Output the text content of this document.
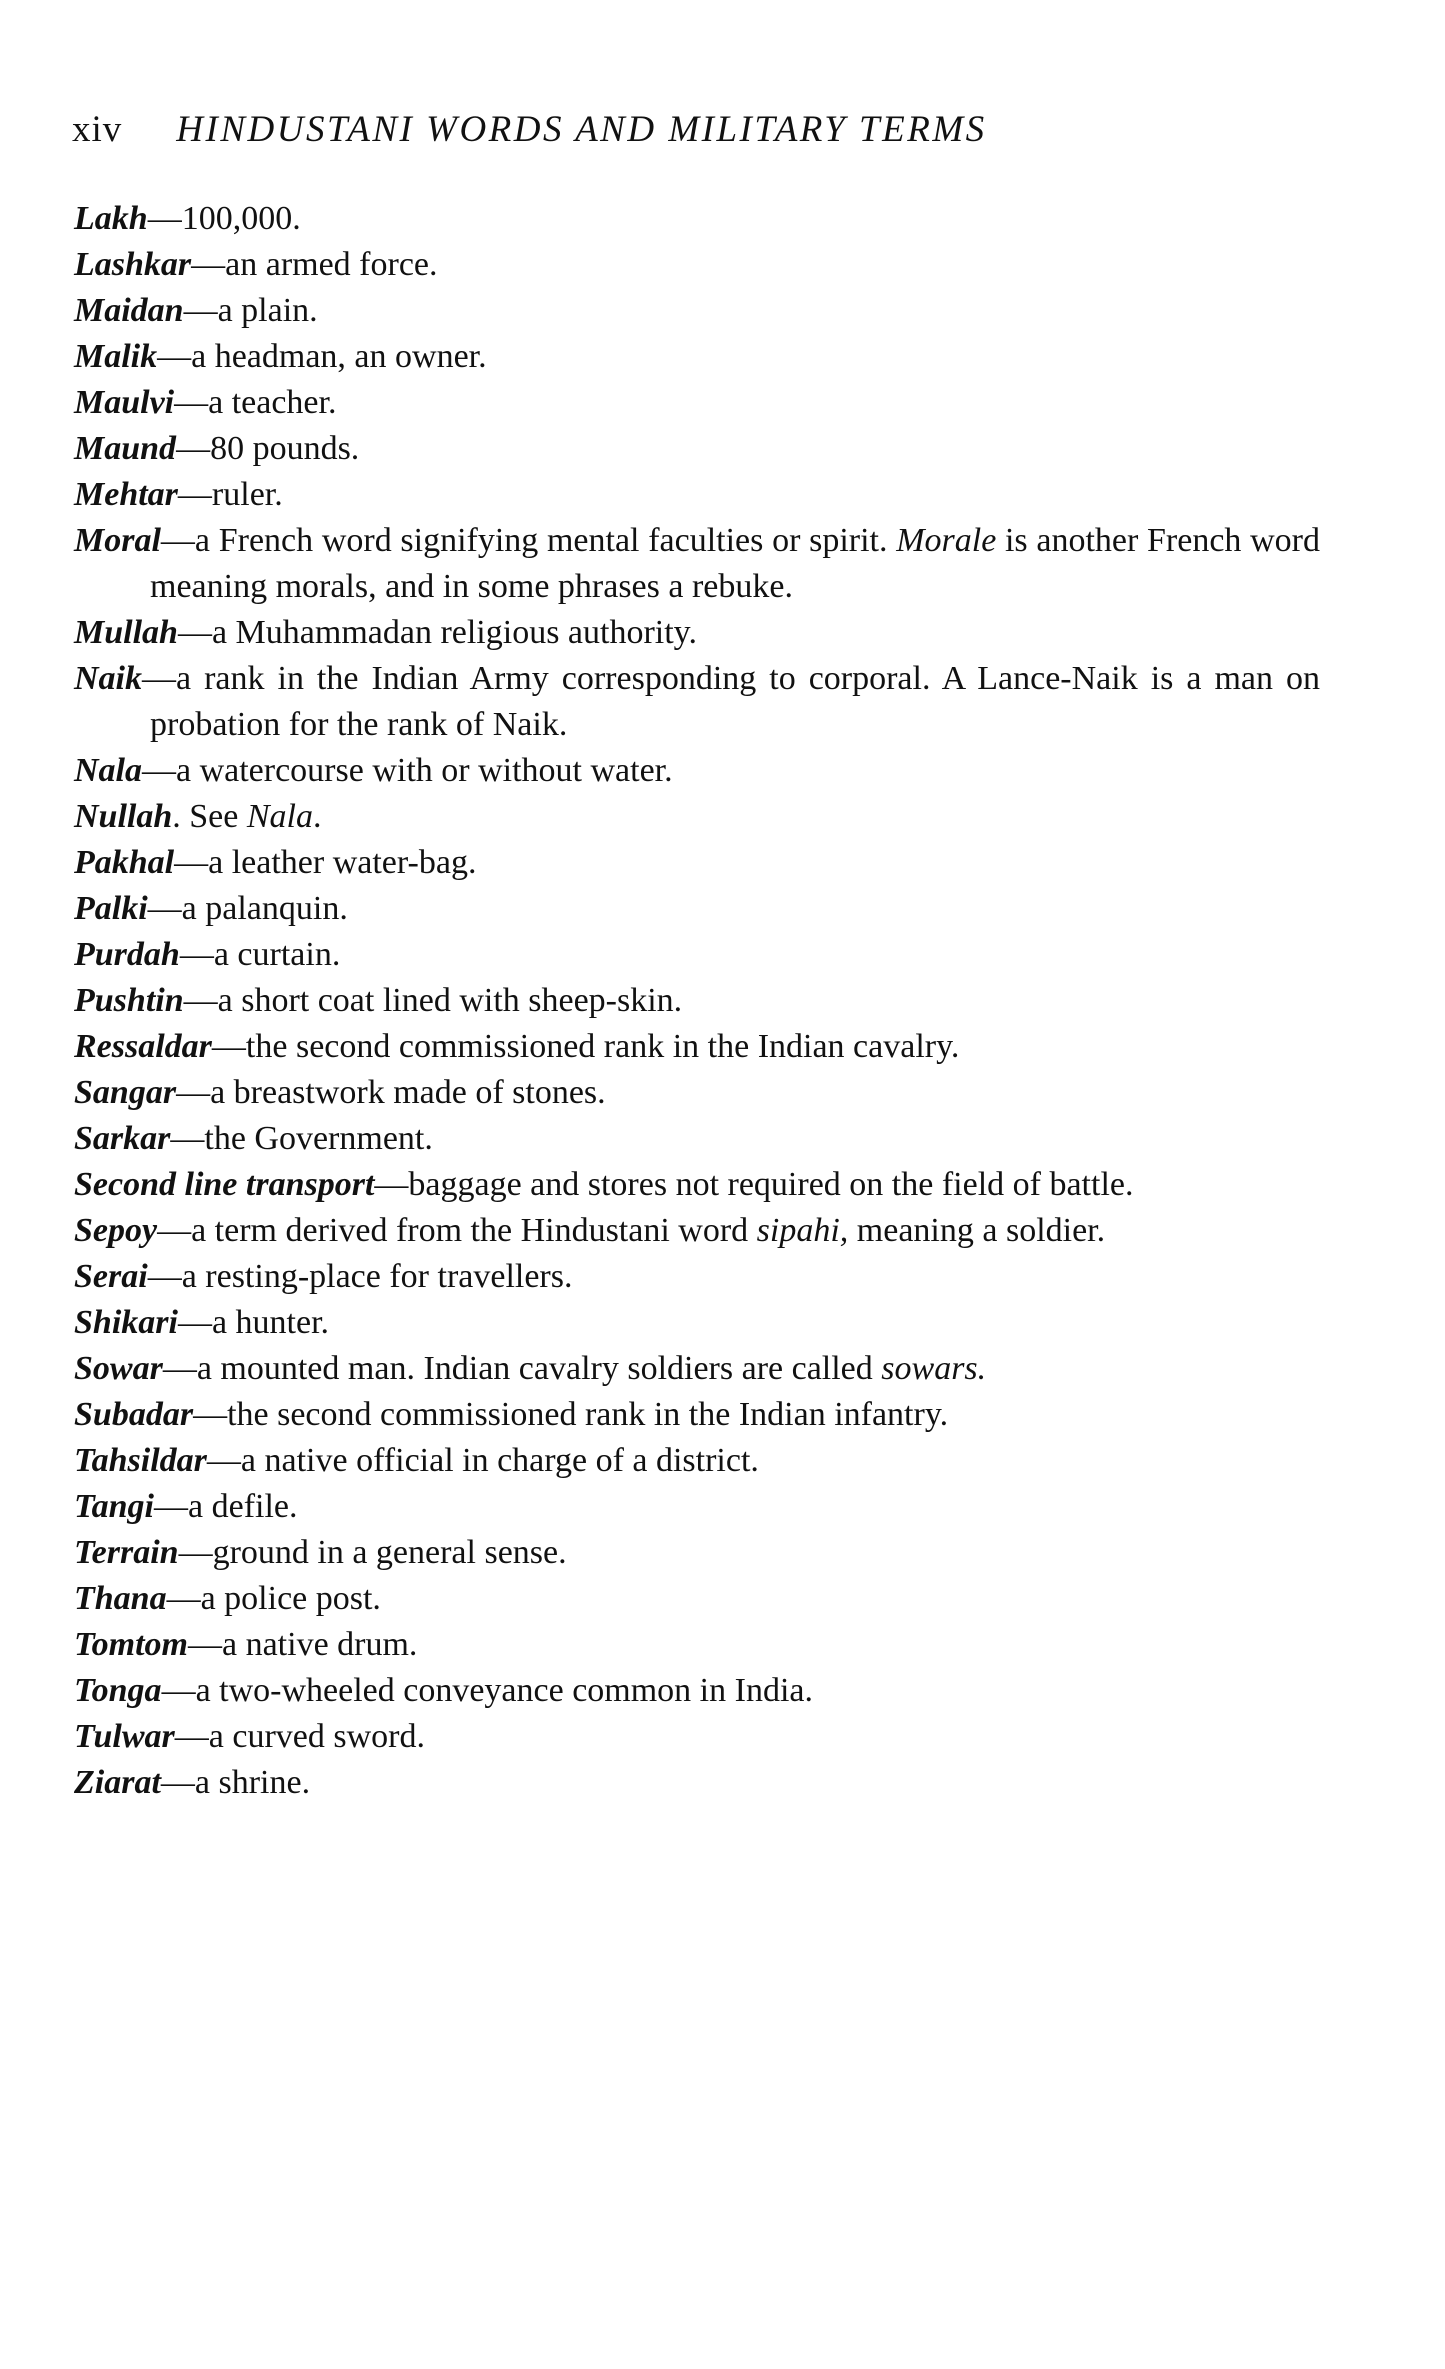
xiv HINDUSTANI WORDS AND MILITARY TERMS
Lakh—100,000.
Lashkar—an armed force.
Maidan—a plain.
Malik—a headman, an owner.
Maulvi—a teacher.
Maund—80 pounds.
Mehtar—ruler.
Moral—a French word signifying mental faculties or spirit. Morale is another French word meaning morals, and in some phrases a rebuke.
Mullah—a Muhammadan religious authority.
Naik—a rank in the Indian Army corresponding to corporal. A Lance-Naik is a man on probation for the rank of Naik.
Nala—a watercourse with or without water.
Nullah. See Nala.
Pakhal—a leather water-bag.
Palki—a palanquin.
Purdah—a curtain.
Pushtin—a short coat lined with sheep-skin.
Ressaldar—the second commissioned rank in the Indian cavalry.
Sangar—a breastwork made of stones.
Sarkar—the Government.
Second line transport—baggage and stores not required on the field of battle.
Sepoy—a term derived from the Hindustani word sipahi, meaning a soldier.
Serai—a resting-place for travellers.
Shikari—a hunter.
Sowar—a mounted man. Indian cavalry soldiers are called sowars.
Subadar—the second commissioned rank in the Indian infantry.
Tahsildar—a native official in charge of a district.
Tangi—a defile.
Terrain—ground in a general sense.
Thana—a police post.
Tomtom—a native drum.
Tonga—a two-wheeled conveyance common in India.
Tulwar—a curved sword.
Ziarat—a shrine.
